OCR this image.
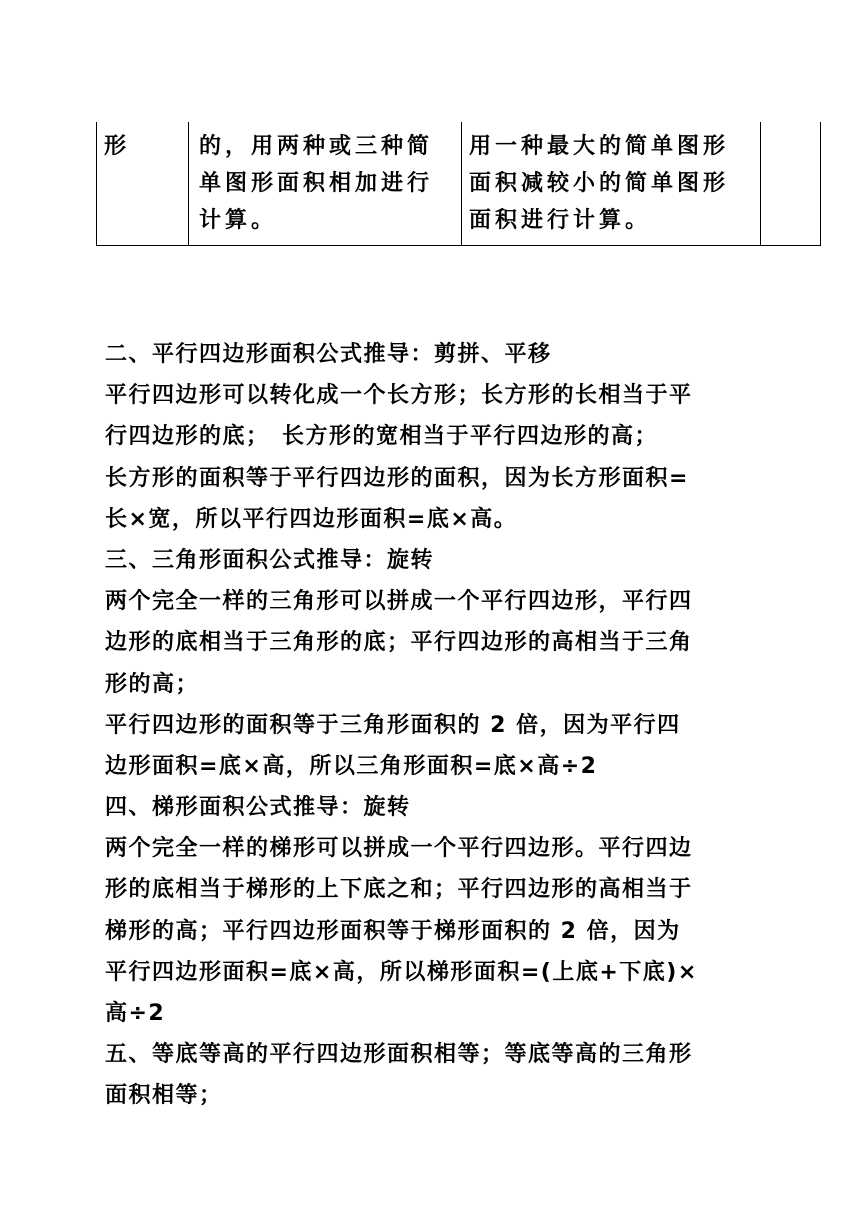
形	的，用两种或三种简
单图形面积相加进行
计算。
用一种最大的简单图形
面积减较小的简单图形
面积进行计算。
二、平行四边形面积公式推导：剪拼、平移
平行四边形可以转化成一个长方形；长方形的长相当于平
行四边形的底；　长方形的宽相当于平行四边形的高；
长方形的面积等于平行四边形的面积，因为长方形面积=
长×宽，所以平行四边形面积=底×高。
三、三角形面积公式推导：旋转
两个完全一样的三角形可以拼成一个平行四边形，平行四
边形的底相当于三角形的底；平行四边形的高相当于三角
形的高；
平行四边形的面积等于三角形面积的 2 倍，因为平行四
边形面积=底×高，所以三角形面积=底×高÷2
四、梯形面积公式推导：旋转
两个完全一样的梯形可以拼成一个平行四边形。平行四边
形的底相当于梯形的上下底之和；平行四边形的高相当于
梯形的高；平行四边形面积等于梯形面积的 2 倍，因为
平行四边形面积=底×高，所以梯形面积=(上底+下底)×
高÷2
五、等底等高的平行四边形面积相等；等底等高的三角形
面积相等；
